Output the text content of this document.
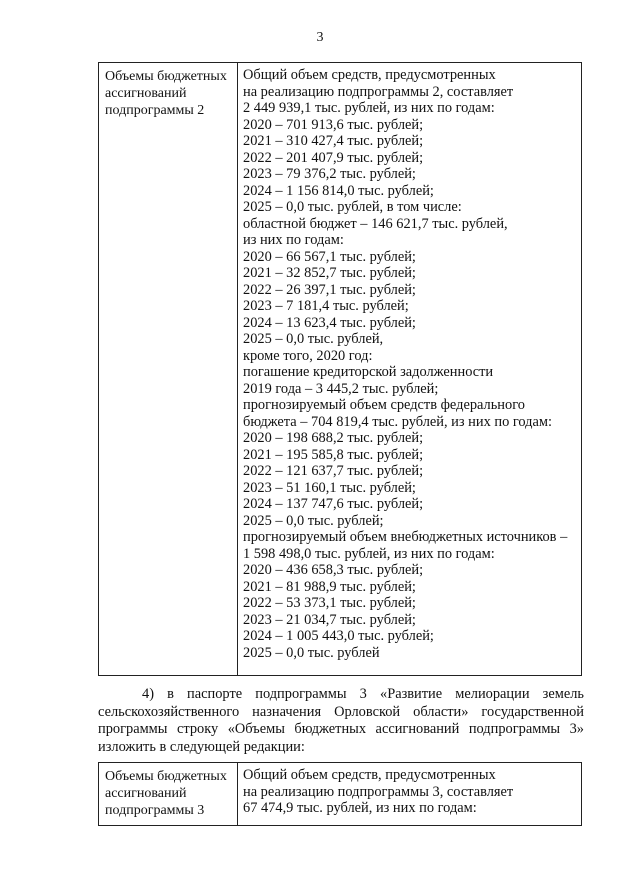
3
Объемы бюджетных
ассигнований
подпрограммы 2
Общий объем средств, предусмотренных
на реализацию подпрограммы 2, составляет
2 449 939,1 тыс. рублей, из них по годам:
2020 – 701 913,6 тыс. рублей;
2021 – 310 427,4 тыс. рублей;
2022 – 201 407,9 тыс. рублей;
2023 – 79 376,2 тыс. рублей;
2024 – 1 156 814,0 тыс. рублей;
2025 – 0,0 тыс. рублей, в том числе:
областной бюджет – 146 621,7 тыс. рублей,
из них по годам:
2020 – 66 567,1 тыс. рублей;
2021 – 32 852,7 тыс. рублей;
2022 – 26 397,1 тыс. рублей;
2023 – 7 181,4 тыс. рублей;
2024 – 13 623,4 тыс. рублей;
2025 – 0,0 тыс. рублей,
кроме того, 2020 год:
погашение кредиторской задолженности
2019 года – 3 445,2 тыс. рублей;
прогнозируемый объем средств федерального
бюджета – 704 819,4 тыс. рублей, из них по годам:
2020 – 198 688,2 тыс. рублей;
2021 – 195 585,8 тыс. рублей;
2022 – 121 637,7 тыс. рублей;
2023 – 51 160,1 тыс. рублей;
2024 – 137 747,6 тыс. рублей;
2025 – 0,0 тыс. рублей;
прогнозируемый объем внебюджетных источников –
1 598 498,0 тыс. рублей, из них по годам:
2020 – 436 658,3 тыс. рублей;
2021 – 81 988,9 тыс. рублей;
2022 – 53 373,1 тыс. рублей;
2023 – 21 034,7 тыс. рублей;
2024 – 1 005 443,0 тыс. рублей;
2025 – 0,0 тыс. рублей
4) в паспорте подпрограммы 3 «Развитие мелиорации земель
сельскохозяйственного назначения Орловской области» государственной
программы строку «Объемы бюджетных ассигнований подпрограммы 3»
изложить в следующей редакции:
Объемы бюджетных
ассигнований
подпрограммы 3
Общий объем средств, предусмотренных
на реализацию подпрограммы 3, составляет
67 474,9 тыс. рублей, из них по годам:
